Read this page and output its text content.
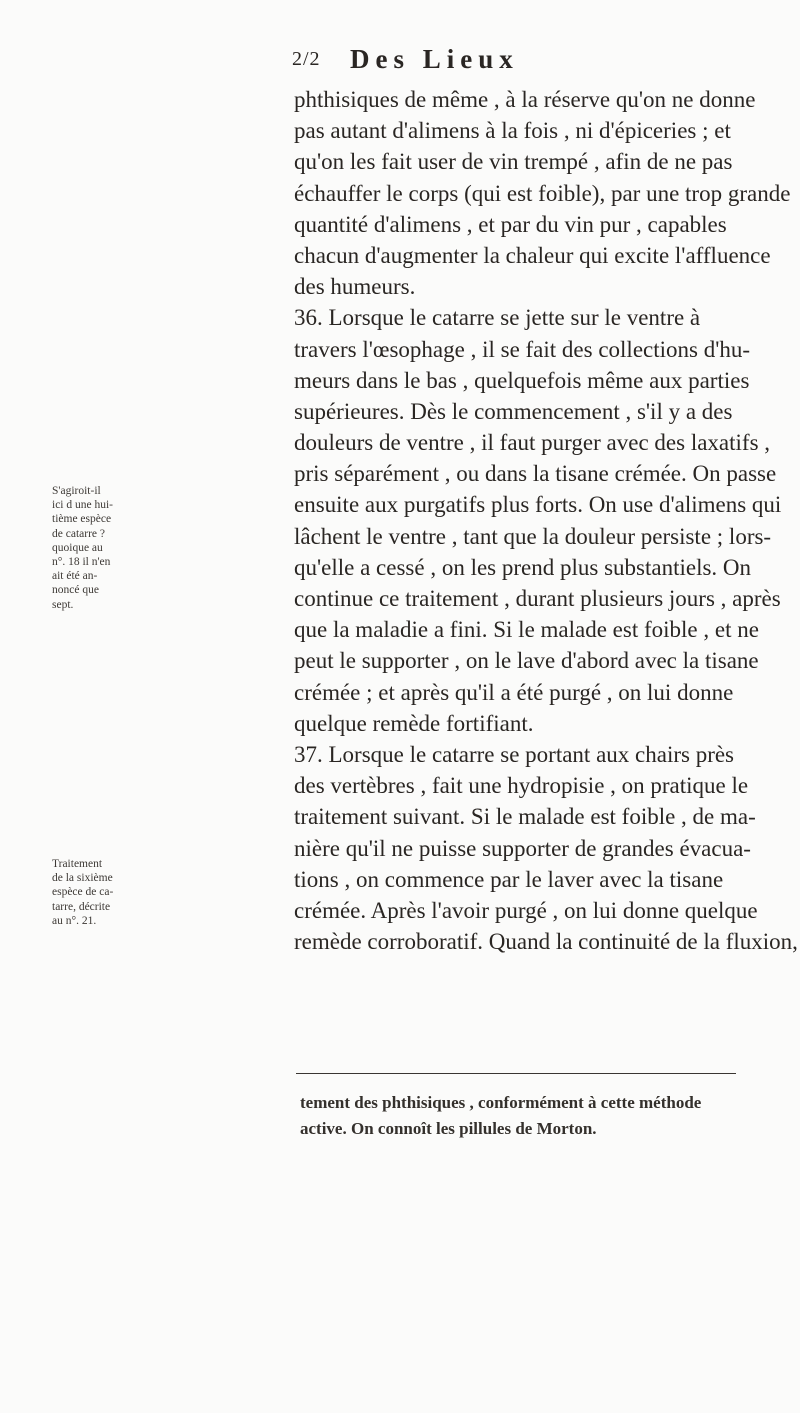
2/2 Des Lieux
S'agiroit-il
ici d une hui-
tième espèce
de catarre ?
quoique au
n°. 18 il n'en
ait été an-
noncé que
sept.
Traitement
de la sixième
espèce de ca-
tarre, décrite
au n°. 21.
phthisiques de même , à la réserve qu'on ne donne
pas autant d'alimens à la fois , ni d'épiceries ; et
qu'on les fait user de vin trempé , afin de ne pas
échauffer le corps (qui est foible), par une trop grande
quantité d'alimens , et par du vin pur , capables
chacun d'augmenter la chaleur qui excite l'affluence
des humeurs.
36. Lorsque le catarre se jette sur le ventre à
travers l'œsophage , il se fait des collections d'hu-
meurs dans le bas , quelquefois même aux parties
supérieures. Dès le commencement , s'il y a des
douleurs de ventre , il faut purger avec des laxatifs ,
pris séparément , ou dans la tisane crémée. On passe
ensuite aux purgatifs plus forts. On use d'alimens qui
lâchent le ventre , tant que la douleur persiste ; lors-
qu'elle a cessé , on les prend plus substantiels. On
continue ce traitement , durant plusieurs jours , après
que la maladie a fini. Si le malade est foible , et ne
peut le supporter , on le lave d'abord avec la tisane
crémée ; et après qu'il a été purgé , on lui donne
quelque remède fortifiant.
37. Lorsque le catarre se portant aux chairs près
des vertèbres , fait une hydropisie , on pratique le
traitement suivant. Si le malade est foible , de ma-
nière qu'il ne puisse supporter de grandes évacua-
tions , on commence par le laver avec la tisane
crémée. Après l'avoir purgé , on lui donne quelque
remède corroboratif. Quand la continuité de la fluxion,
tement des phthisiques , conformément à cette méthode
active. On connoît les pillules de Morton.
